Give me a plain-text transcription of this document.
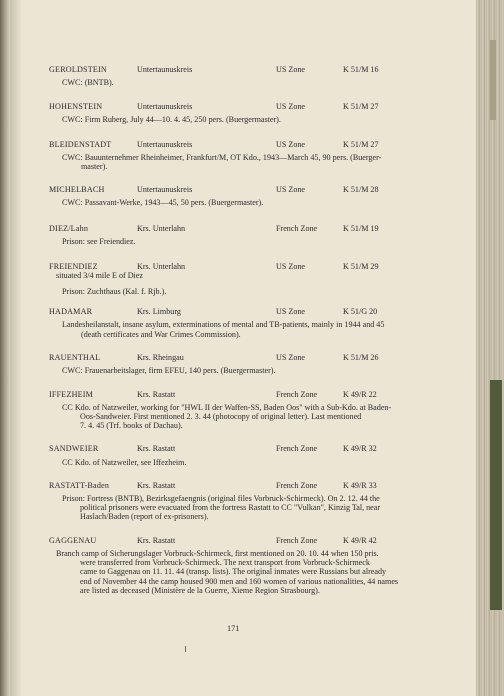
GEROLDSTEIN	Untertaunuskreis	US Zone	K 51/M 16
CWC: (BNTB).
HOHENSTEIN	Untertaunuskreis	US Zone	K 51/M 27
CWC: Firm Ruberg, July 44—10. 4. 45, 250 pers. (Buergermaster).
BLEIDENSTADT	Untertaunuskreis	US Zone	K 51/M 27
CWC: Bauunternehmer Rheinheimer, Frankfurt/M, OT Kdo., 1943—March 45, 90 pers. (Buerger-
master).
MICHELBACH	Untertaunuskreis	US Zone	K 51/M 28
CWC: Passavant-Werke, 1943—45, 50 pers. (Buergermaster).
DIEZ/Lahn	Krs. Unterlahn	French Zone	K 51/M 19
Prison: see Freiendiez.
FREIENDIEZ	Krs. Unterlahn	US Zone	K 51/M 29
situated 3/4 mile E of Diez
Prison: Zuchthaus (Kal. f. Rjb.).
HADAMAR	Krs. Limburg	US Zone	K 51/G 20
Landesheilanstalt, insane asylum, exterminations of mental and TB-patients, mainly in 1944 and 45
(death certificates and War Crimes Commission).
RAUENTHAL	Krs. Rheingau	US Zone	K 51/M 26
CWC: Frauenarbeitslager, firm EFEU, 140 pers. (Buergermaster).
IFFEZHEIM	Krs. Rastatt	French Zone	K 49/R 22
CC Kdo. of Natzweiler, working for "HWL II der Waffen-SS, Baden Oos" with a Sub-Kdo. at Baden-
Oos-Sandweier. First mentioned 2. 3. 44 (photocopy of original letter). Last mentioned
7. 4. 45 (Trf. books of Dachau).
SANDWEIER	Krs. Rastatt	French Zone	K 49/R 32
CC Kdo. of Natzweiler, see Iffezheim.
RASTATT-Baden	Krs. Rastatt	French Zone	K 49/R 33
Prison: Fortress (BNTB), Bezirksgefaengnis (original files Vorbruck-Schirmeck). On 2. 12. 44 the
political prisoners were evacuated from the fortress Rastatt to CC "Vulkan", Kinzig Tal, near
Haslach/Baden (report of ex-prisoners).
GAGGENAU	Krs. Rastatt	French Zone	K 49/R 42
Branch camp of Sicherungslager Vorbruck-Schirmeck, first mentioned on 20. 10. 44 when 150 pris.
were transferred from Vorbruck-Schirmeck. The next transport from Vorbruck-Schirmeck
came to Gaggenau on 11. 11. 44 (transp. lists). The original inmates were Russians but already
end of November 44 the camp housed 900 men and 160 women of various nationalities, 44 names
are listed as deceased (Ministère de la Guerre, Xieme Region Strasbourg).
171
